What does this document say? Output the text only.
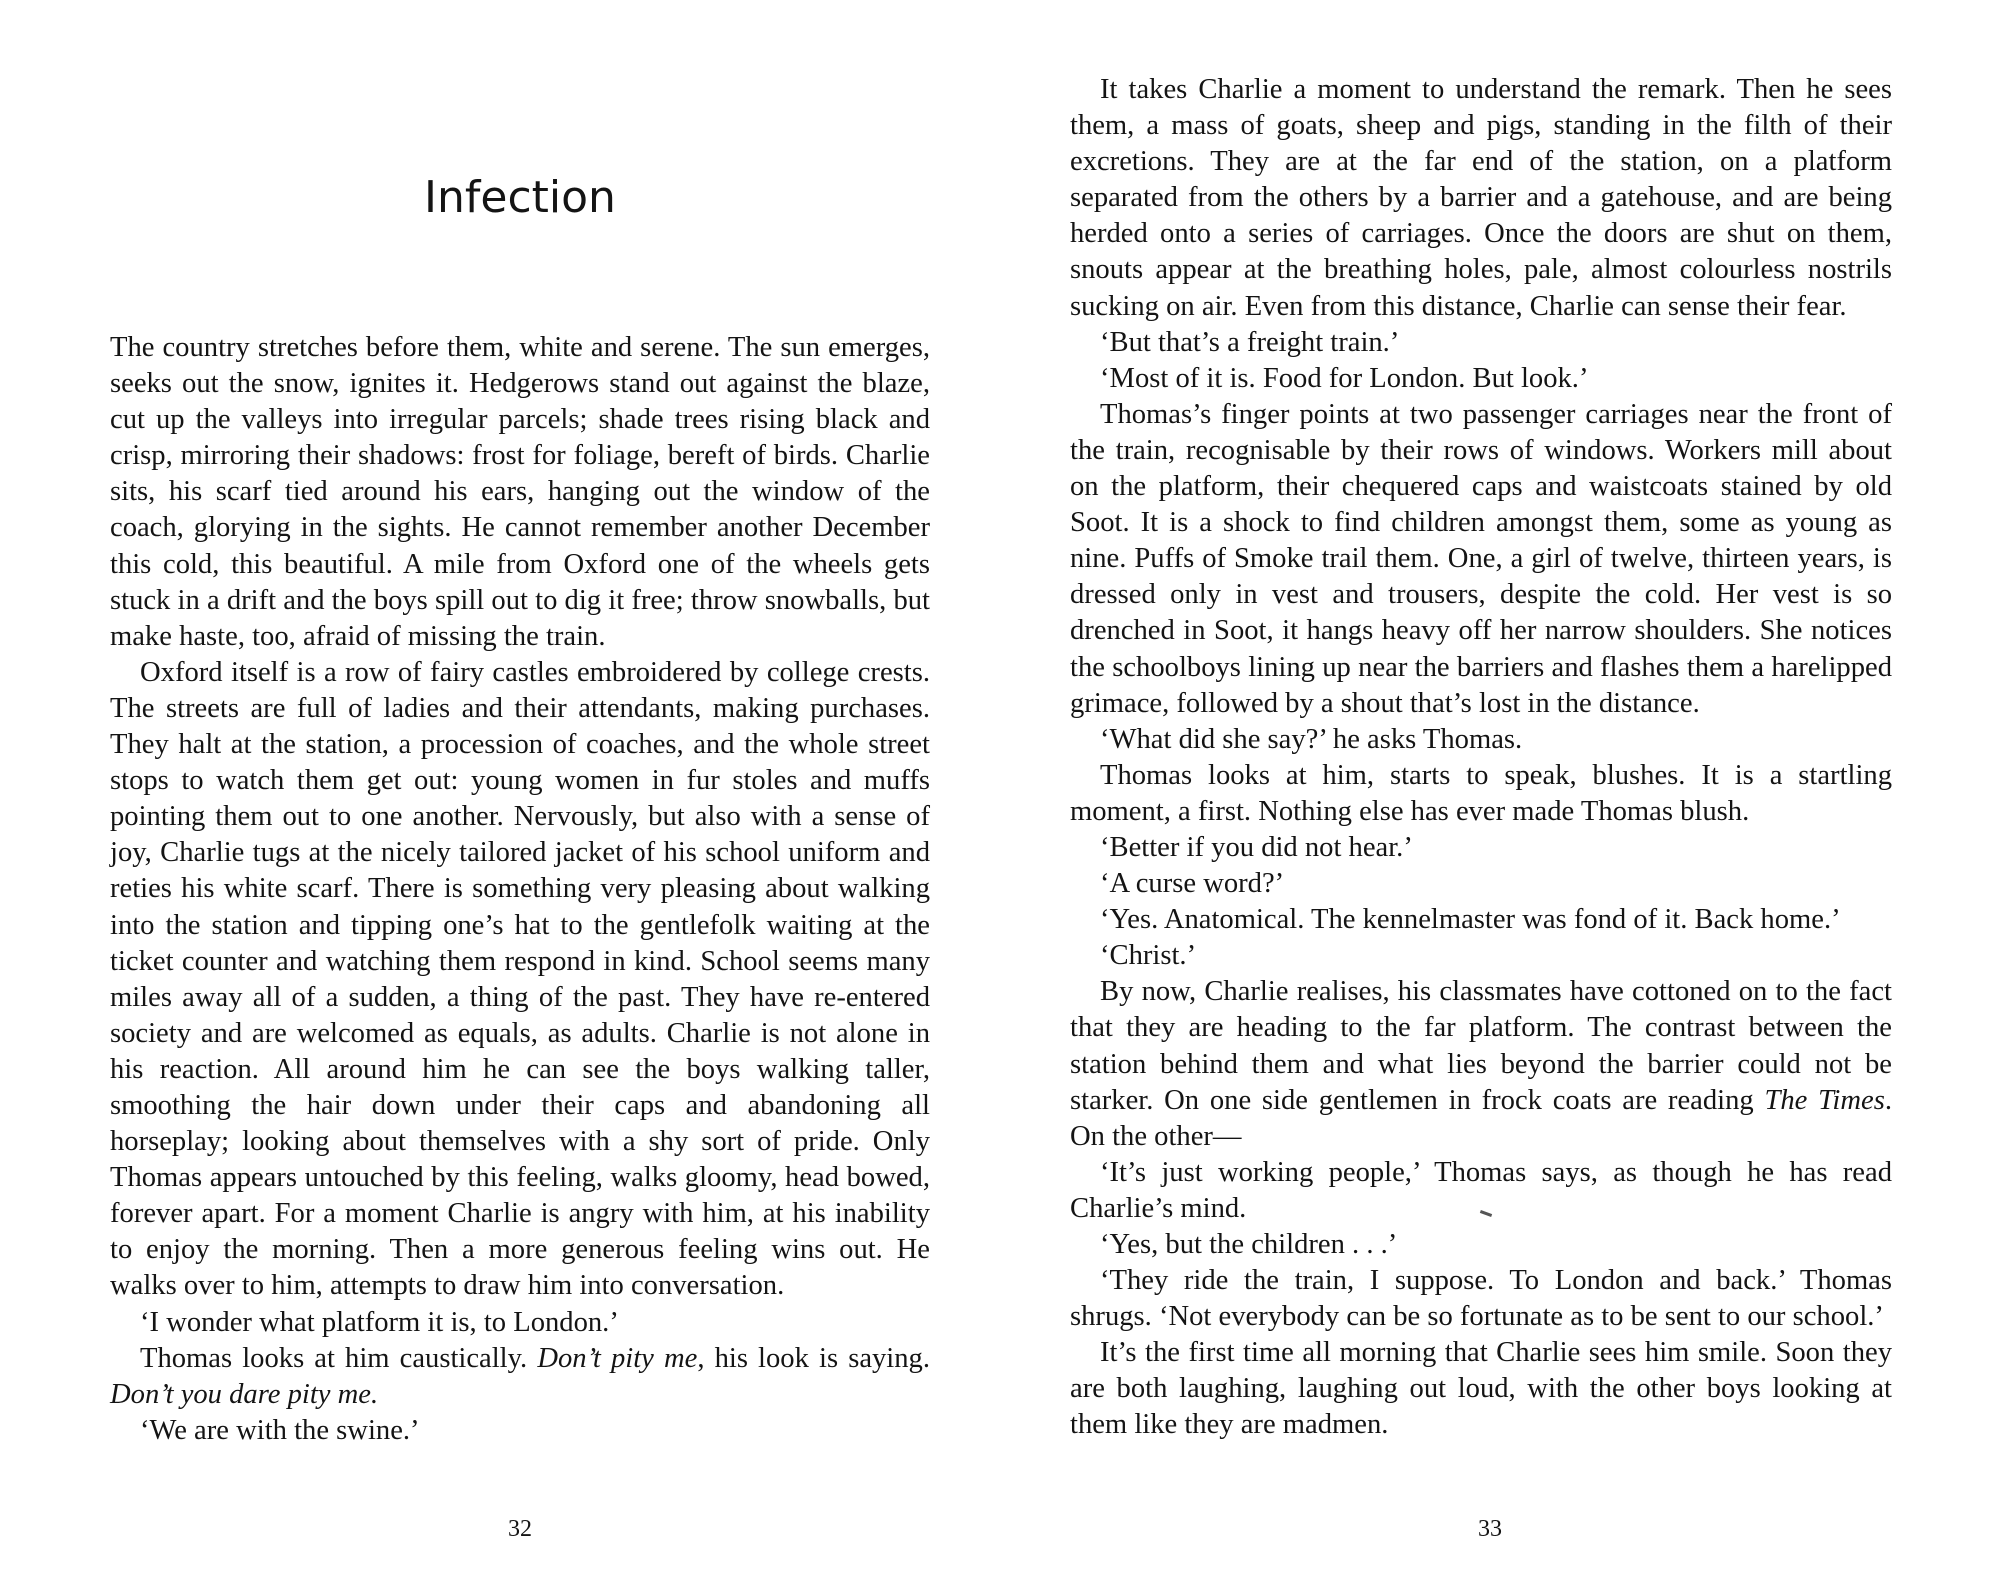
Infection

The country stretches before them, white and serene. The sun emerges, seeks out the snow, ignites it. Hedgerows stand out against the blaze, cut up the valleys into irregular parcels; shade trees rising black and crisp, mirroring their shadows: frost for foliage, bereft of birds. Charlie sits, his scarf tied around his ears, hanging out the window of the coach, glorying in the sights. He cannot remember another December this cold, this beautiful. A mile from Oxford one of the wheels gets stuck in a drift and the boys spill out to dig it free; throw snowballs, but make haste, too, afraid of missing the train.

Oxford itself is a row of fairy castles embroidered by college crests. The streets are full of ladies and their attendants, making purchases. They halt at the station, a procession of coaches, and the whole street stops to watch them get out: young women in fur stoles and muffs pointing them out to one another. Nervously, but also with a sense of joy, Charlie tugs at the nicely tailored jacket of his school uniform and reties his white scarf. There is something very pleasing about walking into the station and tipping one’s hat to the gentlefolk waiting at the ticket counter and watching them respond in kind. School seems many miles away all of a sudden, a thing of the past. They have re-entered society and are welcomed as equals, as adults. Charlie is not alone in his reaction. All around him he can see the boys walking taller, smoothing the hair down under their caps and abandoning all horseplay; looking about themselves with a shy sort of pride. Only Thomas appears untouched by this feeling, walks gloomy, head bowed, forever apart. For a moment Charlie is angry with him, at his inability to enjoy the morning. Then a more generous feeling wins out. He walks over to him, attempts to draw him into conversation.

‘I wonder what platform it is, to London.’

Thomas looks at him caustically. Don’t pity me, his look is saying. Don’t you dare pity me.

‘We are with the swine.’

32

It takes Charlie a moment to understand the remark. Then he sees them, a mass of goats, sheep and pigs, standing in the filth of their excretions. They are at the far end of the station, on a platform separated from the others by a barrier and a gatehouse, and are being herded onto a series of carriages. Once the doors are shut on them, snouts appear at the breathing holes, pale, almost colourless nostrils sucking on air. Even from this distance, Charlie can sense their fear.

‘But that’s a freight train.’

‘Most of it is. Food for London. But look.’

Thomas’s finger points at two passenger carriages near the front of the train, recognisable by their rows of windows. Workers mill about on the platform, their chequered caps and waistcoats stained by old Soot. It is a shock to find children amongst them, some as young as nine. Puffs of Smoke trail them. One, a girl of twelve, thirteen years, is dressed only in vest and trousers, despite the cold. Her vest is so drenched in Soot, it hangs heavy off her narrow shoulders. She notices the schoolboys lining up near the barriers and flashes them a harelipped grimace, followed by a shout that’s lost in the distance.

‘What did she say?’ he asks Thomas.

Thomas looks at him, starts to speak, blushes. It is a startling moment, a first. Nothing else has ever made Thomas blush.

‘Better if you did not hear.’

‘A curse word?’

‘Yes. Anatomical. The kennelmaster was fond of it. Back home.’

‘Christ.’

By now, Charlie realises, his classmates have cottoned on to the fact that they are heading to the far platform. The contrast between the station behind them and what lies beyond the barrier could not be starker. On one side gentlemen in frock coats are reading The Times. On the other—

‘It’s just working people,’ Thomas says, as though he has read Charlie’s mind.

‘Yes, but the children . . .’

‘They ride the train, I suppose. To London and back.’ Thomas shrugs. ‘Not everybody can be so fortunate as to be sent to our school.’

It’s the first time all morning that Charlie sees him smile. Soon they are both laughing, laughing out loud, with the other boys looking at them like they are madmen.

33
